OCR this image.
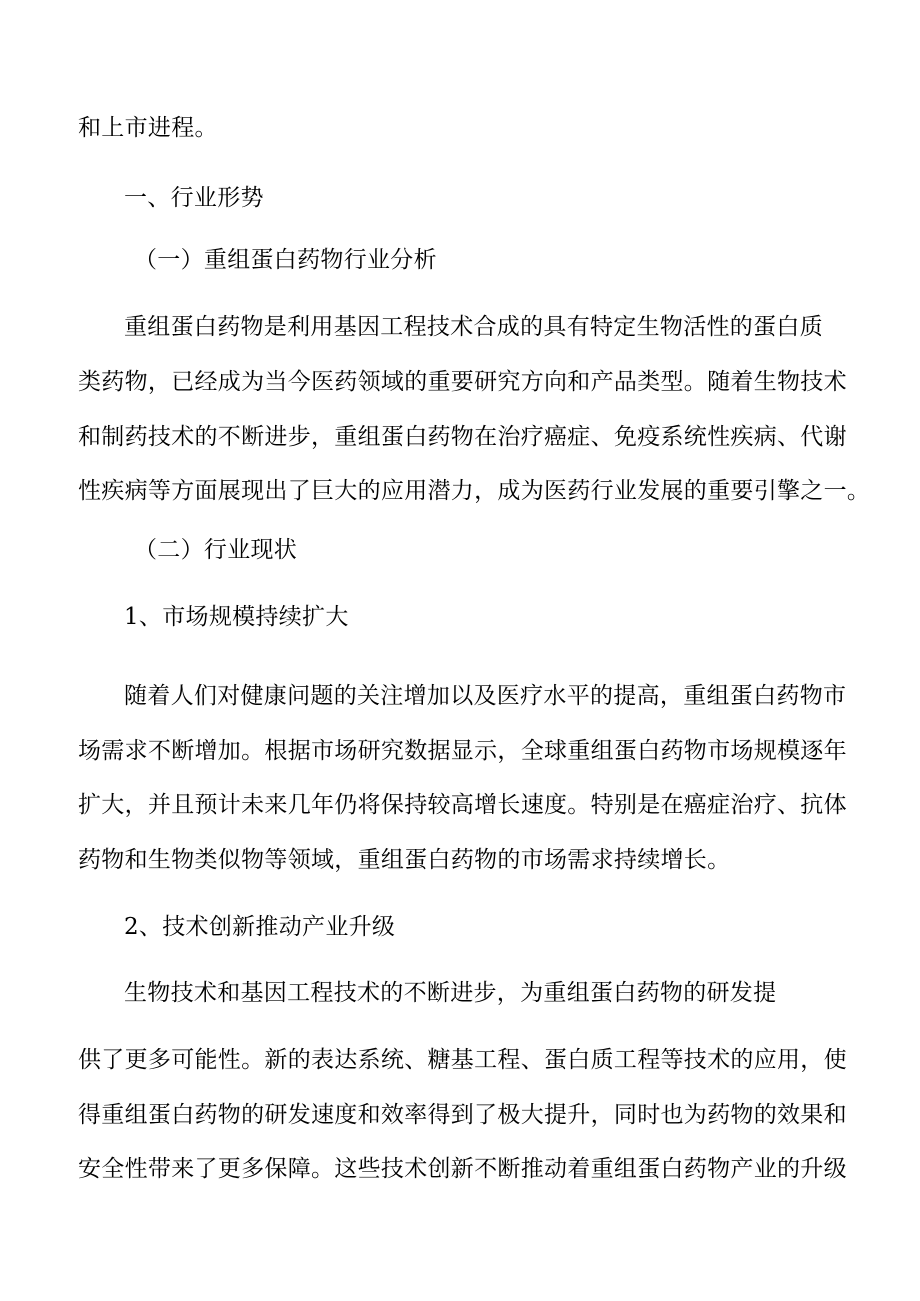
和上市进程。
一、行业形势
（一）重组蛋白药物行业分析
重组蛋白药物是利用基因工程技术合成的具有特定生物活性的蛋白质
类药物，已经成为当今医药领域的重要研究方向和产品类型。随着生物技术
和制药技术的不断进步，重组蛋白药物在治疗癌症、免疫系统性疾病、代谢
性疾病等方面展现出了巨大的应用潜力，成为医药行业发展的重要引擎之一。
（二）行业现状
1、市场规模持续扩大
随着人们对健康问题的关注增加以及医疗水平的提高，重组蛋白药物市
场需求不断增加。根据市场研究数据显示，全球重组蛋白药物市场规模逐年
扩大，并且预计未来几年仍将保持较高增长速度。特别是在癌症治疗、抗体
药物和生物类似物等领域，重组蛋白药物的市场需求持续增长。
2、技术创新推动产业升级
生物技术和基因工程技术的不断进步，为重组蛋白药物的研发提
供了更多可能性。新的表达系统、糖基工程、蛋白质工程等技术的应用，使
得重组蛋白药物的研发速度和效率得到了极大提升，同时也为药物的效果和
安全性带来了更多保障。这些技术创新不断推动着重组蛋白药物产业的升级
